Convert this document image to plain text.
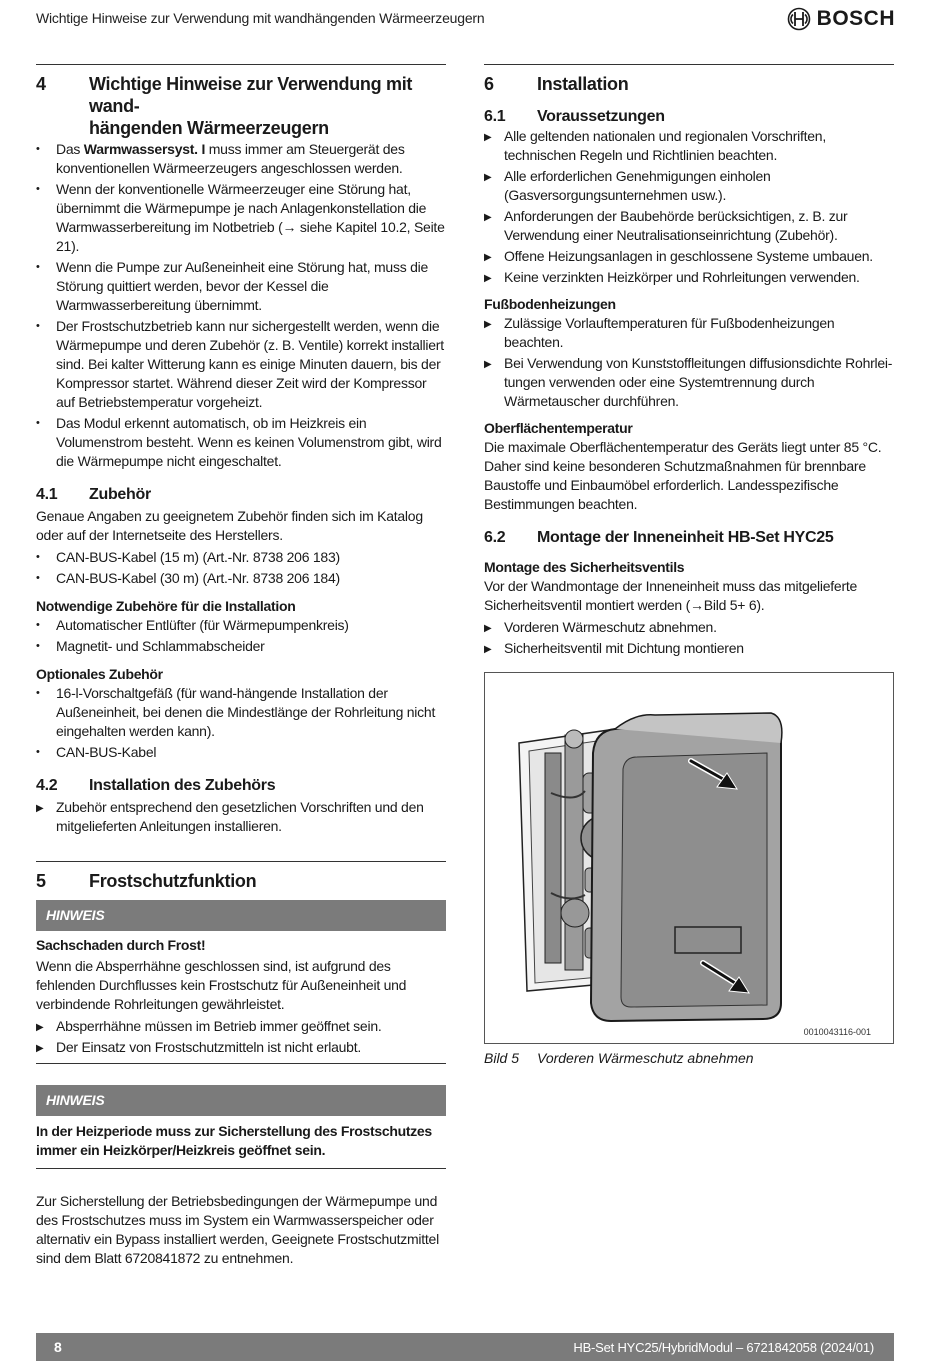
Wichtige Hinweise zur Verwendung mit wandhängenden Wärmeerzeugern	BOSCH
4	Wichtige Hinweise zur Verwendung mit wand-
hängenden Wärmeerzeugern
• Das Warmwassersyst. I muss immer am Steuergerät des konventionellen Wärmeerzeugers angeschlossen werden.
• Wenn der konventionelle Wärmeerzeuger eine Störung hat, übernimmt die Wärmepumpe je nach Anlagenkonstellation die Warmwasserbereitung im Notbetrieb (→ siehe Kapitel 10.2, Seite 21).
• Wenn die Pumpe zur Außeneinheit eine Störung hat, muss die Störung quittiert werden, bevor der Kessel die Warmwasserbereitung übernimmt.
• Der Frostschutzbetrieb kann nur sichergestellt werden, wenn die Wärmepumpe und deren Zubehör (z. B. Ventile) korrekt installiert sind. Bei kalter Witterung kann es einige Minuten dauern, bis der Kompressor startet. Während dieser Zeit wird der Kompressor auf Betriebstemperatur vorgeheizt.
• Das Modul erkennt automatisch, ob im Heizkreis ein Volumenstrom besteht. Wenn es keinen Volumenstrom gibt, wird die Wärmepumpe nicht eingeschaltet.
4.1	Zubehör

Genaue Angaben zu geeignetem Zubehör finden sich im Katalog oder auf der Internetseite des Herstellers.

• CAN-BUS-Kabel (15 m) (Art.-Nr. 8738 206 183)
• CAN-BUS-Kabel (30 m) (Art.-Nr. 8738 206 184)
Notwendige Zubehöre für die Installation
• Automatischer Entlüfter (für Wärmepumpenkreis)
• Magnetit- und Schlammabscheider
Optionales Zubehör
• 16-l-Vorschaltgefäß (für wand-hängende Installation der Außeneinheit, bei denen die Mindestlänge der Rohrleitung nicht eingehalten werden kann).
• CAN-BUS-Kabel
4.2	Installation des Zubehörs
▶ Zubehör entsprechend den gesetzlichen Vorschriften und den mitgelieferten Anleitungen installieren.
5	Frostschutzfunktion
HINWEIS
Sachschaden durch Frost!

Wenn die Absperrhähne geschlossen sind, ist aufgrund des fehlenden Durchflusses kein Frostschutz für Außeneinheit und verbindende Rohrleitungen gewährleistet.

▶ Absperrhähne müssen im Betrieb immer geöffnet sein.
▶ Der Einsatz von Frostschutzmitteln ist nicht erlaubt.
HINWEIS
In der Heizperiode muss zur Sicherstellung des Frostschutzes immer ein Heizkörper/Heizkreis geöffnet sein.

Zur Sicherstellung der Betriebsbedingungen der Wärmepumpe und des Frostschutzes muss im System ein Warmwasserspeicher oder alternativ ein Bypass installiert werden, Geeignete Frostschutzmittel sind dem Blatt 6720841872 zu entnehmen.

6	Installation
6.1	Voraussetzungen
▶ Alle geltenden nationalen und regionalen Vorschriften, technischen Regeln und Richtlinien beachten.
▶ Alle erforderlichen Genehmigungen einholen (Gasversorgungsunternehmen usw.).
▶ Anforderungen der Baubehörde berücksichtigen, z. B. zur Verwendung einer Neutralisationseinrichtung (Zubehör).
▶ Offene Heizungsanlagen in geschlossene Systeme umbauen.
▶ Keine verzinkten Heizkörper und Rohrleitungen verwenden.
Fußbodenheizungen
▶ Zulässige Vorlauftemperaturen für Fußbodenheizungen beachten.
▶ Bei Verwendung von Kunststoffleitungen diffusionsdichte Rohrleitungen verwenden oder eine Systemtrennung durch Wärmetauscher durchführen.
Oberflächentemperatur

Die maximale Oberflächentemperatur des Geräts liegt unter 85 °C. Daher sind keine besonderen Schutzmaßnahmen für brennbare Baustoffe und Einbaumöbel erforderlich. Landesspezifische Bestimmungen beachten.

6.2	Montage der Inneneinheit HB-Set HYC25
Montage des Sicherheitsventils

Vor der Wandmontage der Inneneinheit muss das mitgelieferte Sicherheitsventil montiert werden (→Bild 5+ 6).

▶ Vorderen Wärmeschutz abnehmen.
▶ Sicherheitsventil mit Dichtung montieren
0010043116-001
Bild 5	Vorderen Wärmeschutz abnehmen
8	HB-Set HYC25/HybridModul – 6721842058 (2024/01)
